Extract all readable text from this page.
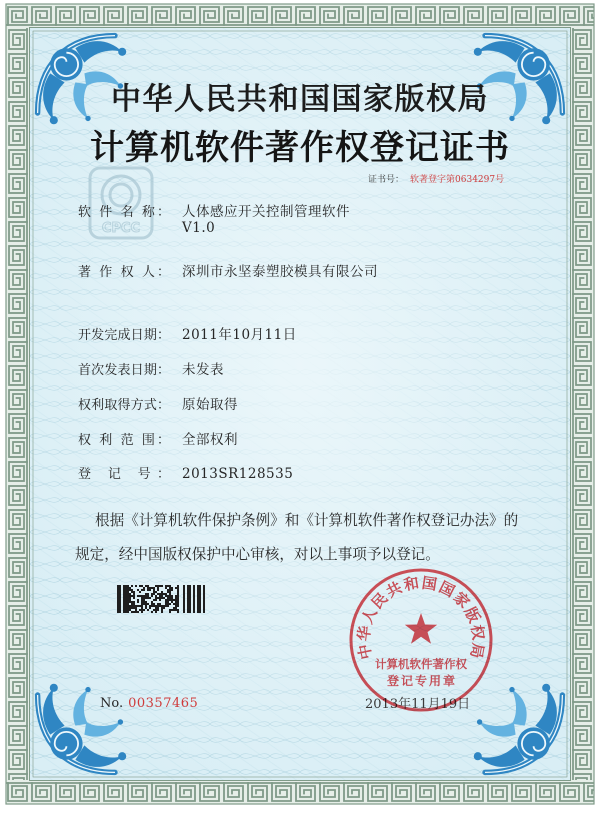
CPCC
中华人民共和国国家版权局
计算机软件著作权登记证书
证书号： 软著登字第0634297号
软 件 名 称： 人体感应开关控制管理软件
V1.0
著 作 权 人： 深圳市永坚泰塑胶模具有限公司
开发完成日期： 2011年10月11日
首次发表日期： 未发表
权利取得方式： 原始取得
权 利 范 围： 全部权利
登 记 号： 2013SR128535
根据《计算机软件保护条例》和《计算机软件著作权登记办法》的
规定，经中国版权保护中心审核，对以上事项予以登记。
No. 00357465	2013年11月19日
中华人民共和国国家版权局
计算机软件著作权
登记专用章
